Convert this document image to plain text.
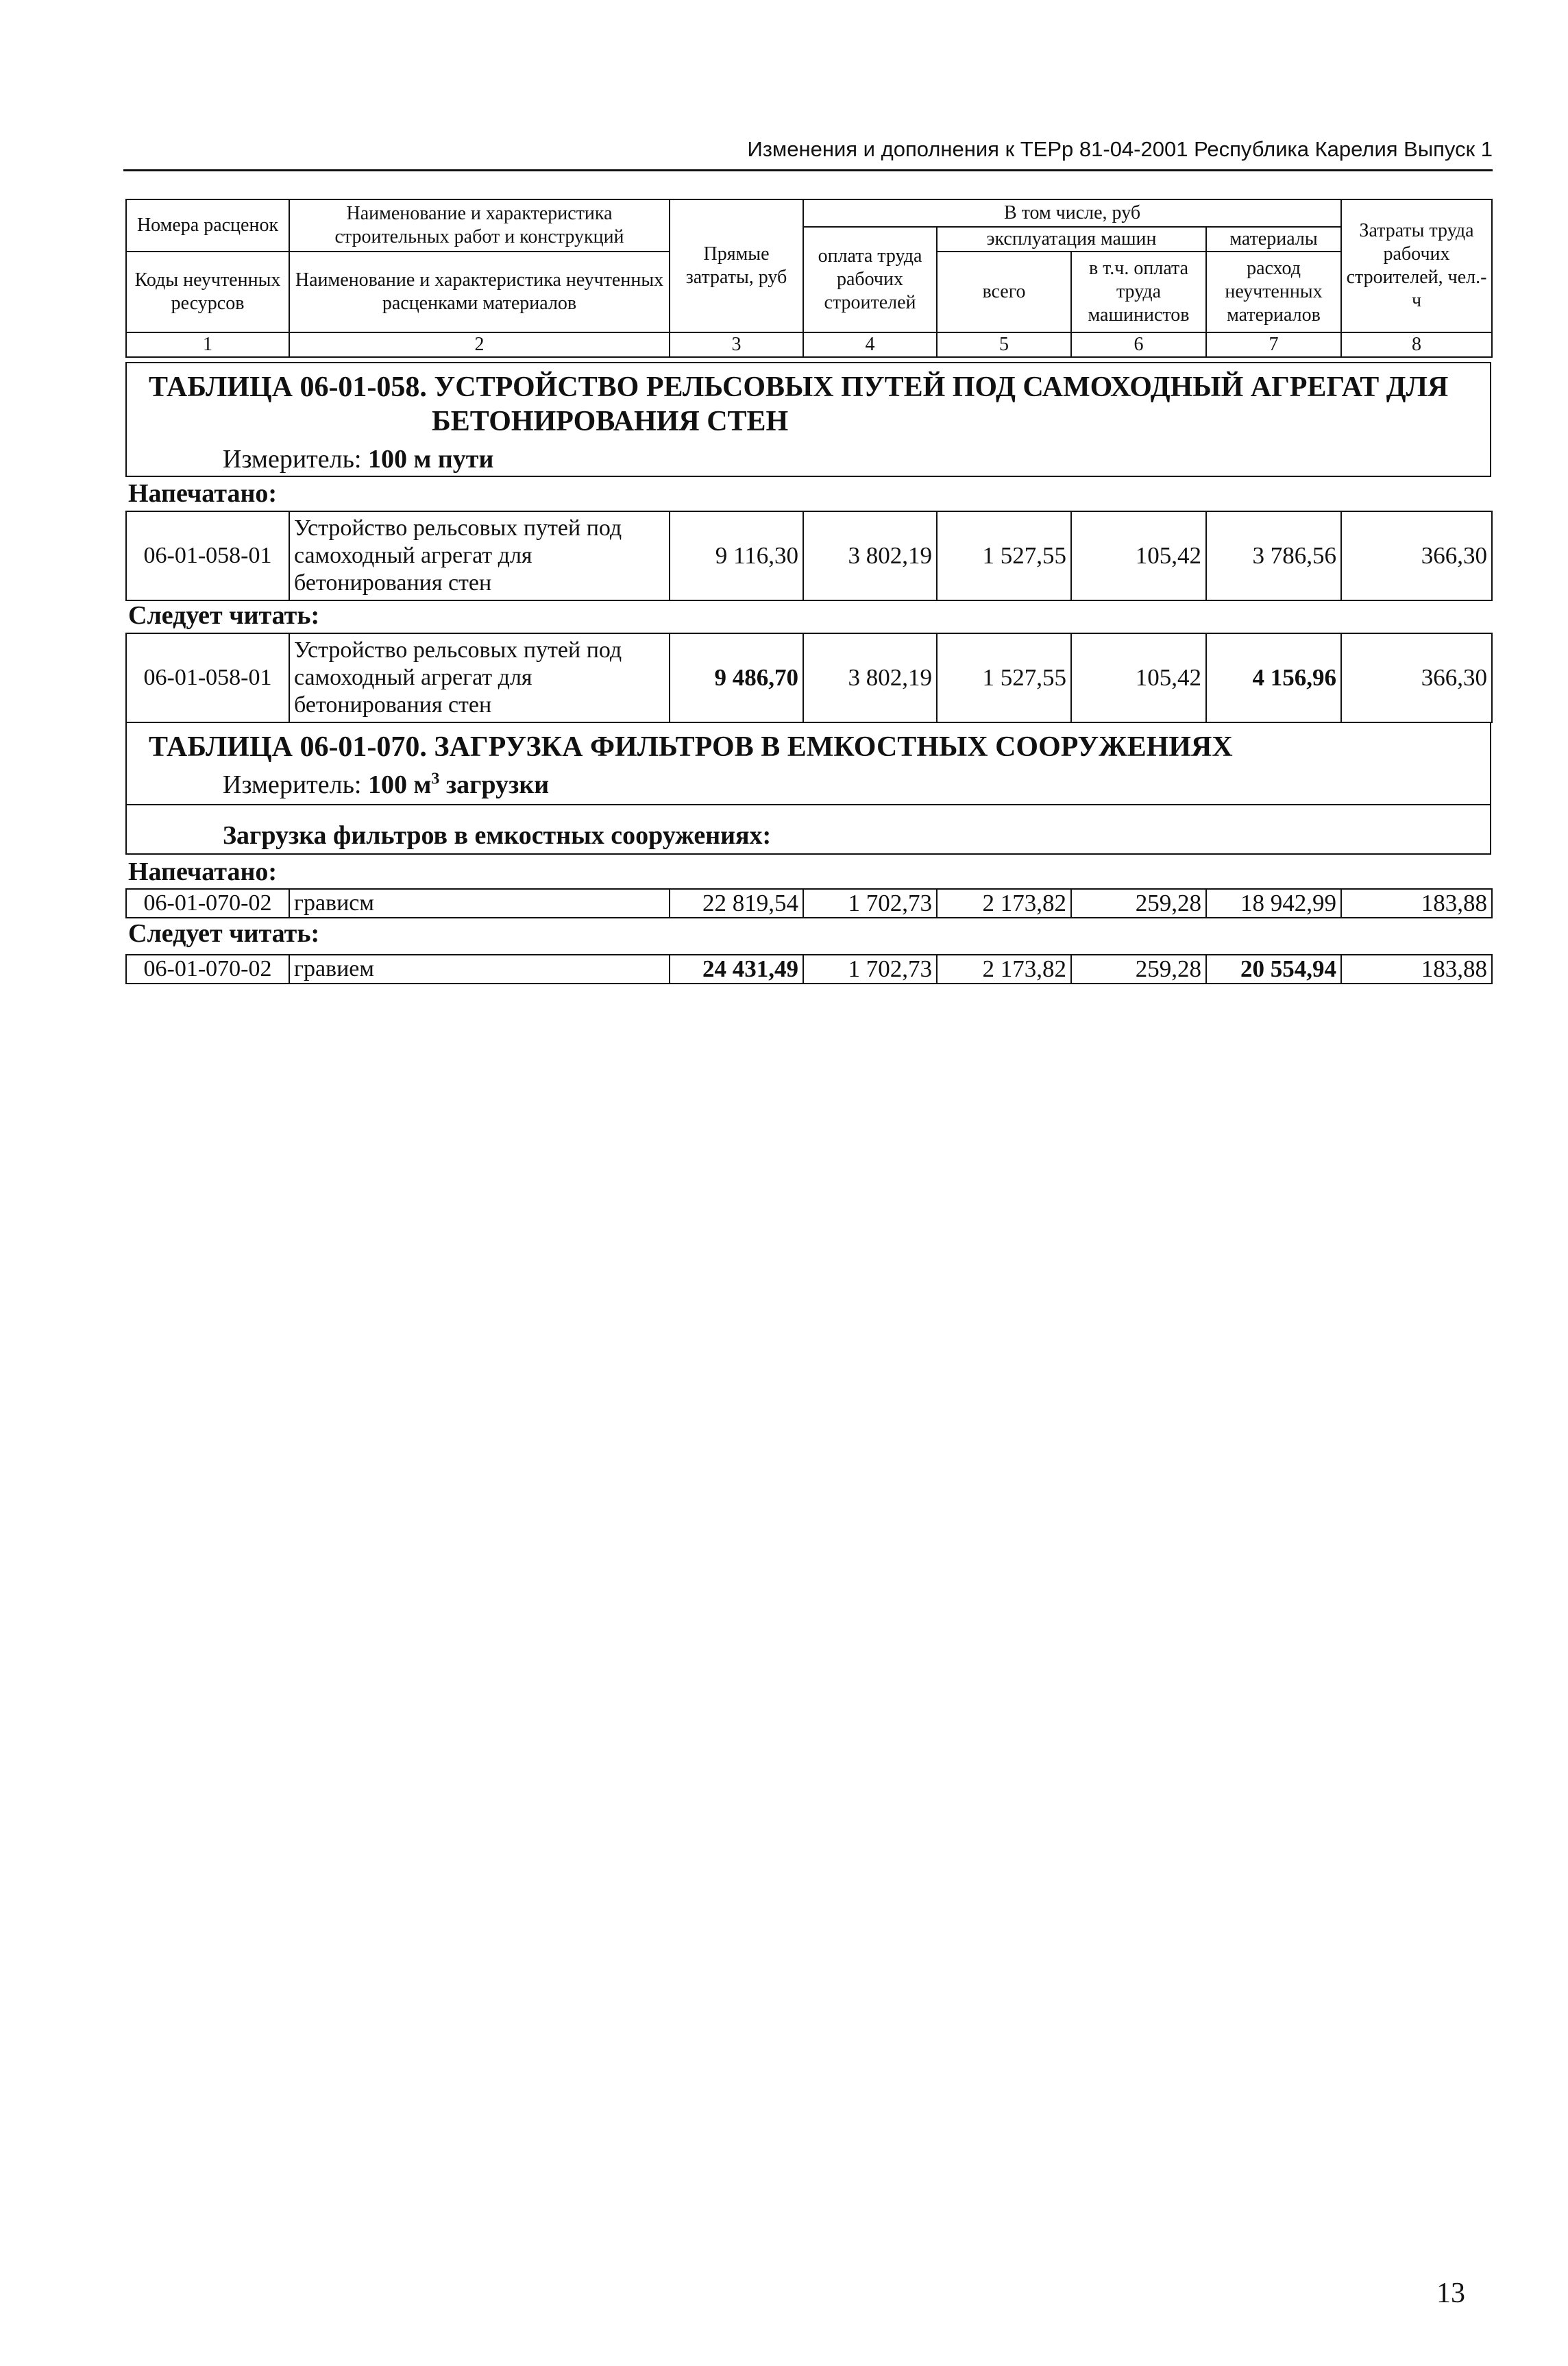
Изменения и дополнения к ТЕРр 81-04-2001 Республика Карелия Выпуск 1
Номера расценок	Наименование и характеристика строительных работ и конструкций	Прямые затраты, руб	В том числе, руб				Затраты труда рабочих строителей, чел.-ч
			оплата труда рабочих строителей	эксплуатация машин		материалы	
Коды неучтенных ресурсов	Наименование и характеристика неучтенных расценками материалов			всего	в т.ч. оплата труда машинистов	расход неучтенных материалов	

1	2	3	4	5	6	7	8
ТАБЛИЦА 06-01-058. УСТРОЙСТВО РЕЛЬСОВЫХ ПУТЕЙ ПОД САМОХОДНЫЙ АГРЕГАТ ДЛЯ
БЕТОНИРОВАНИЯ СТЕН
Измеритель: 100 м пути
Напечатано:
06-01-058-01	Устройство рельсовых путей под самоходный агрегат для бетонирования стен	9 116,30	3 802,19	1 527,55	105,42	3 786,56	366,30
Следует читать:
06-01-058-01	Устройство рельсовых путей под самоходный агрегат для бетонирования стен	9 486,70	3 802,19	1 527,55	105,42	4 156,96	366,30
ТАБЛИЦА 06-01-070. ЗАГРУЗКА ФИЛЬТРОВ В ЕМКОСТНЫХ СООРУЖЕНИЯХ
Измеритель: 100 $м^3$ загрузки
Загрузка фильтров в емкостных сооружениях:
Напечатано:
06-01-070-02	грависм	22 819,54	1 702,73	2 173,82	259,28	18 942,99	183,88
Следует читать:
06-01-070-02	гравием	24 431,49	1 702,73	2 173,82	259,28	20 554,94	183,88
13
